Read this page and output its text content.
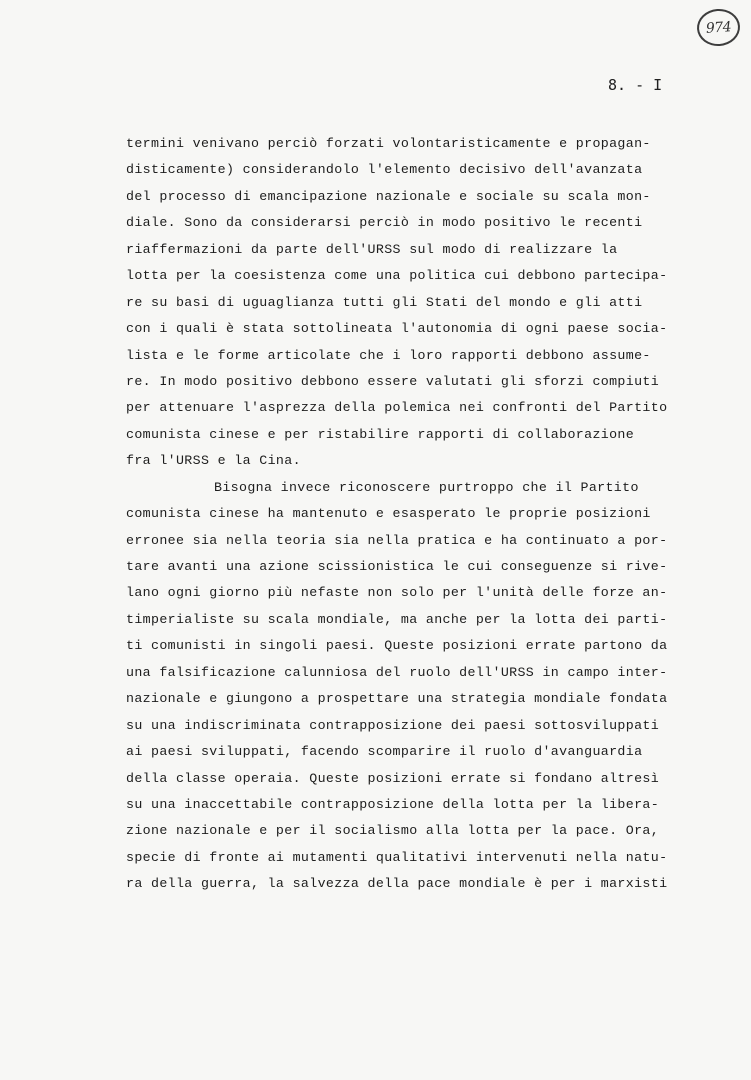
974
8. - I
termini venivano perciò forzati volontaristicamente e propagan-
disticamente) considerandolo l'elemento decisivo dell'avanzata
del processo di emancipazione nazionale e sociale su scala mon-
diale. Sono da considerarsi perciò in modo positivo le recenti
riaffermazioni da parte dell'URSS sul modo di realizzare la
lotta per la coesistenza come una politica cui debbono partecipa-
re su basi di uguaglianza tutti gli Stati del mondo e gli atti
con i quali è stata sottolineata l'autonomia di ogni paese socia-
lista e le forme articolate che i loro rapporti debbono assume-
re. In modo positivo debbono essere valutati gli sforzi compiuti
per attenuare l'asprezza della polemica nei confronti del Partito
comunista cinese e per ristabilire rapporti di collaborazione
fra l'URSS e la Cina.
Bisogna invece riconoscere purtroppo che il Partito
comunista cinese ha mantenuto e esasperato le proprie posizioni
erronee sia nella teoria sia nella pratica e ha continuato a por-
tare avanti una azione scissionistica le cui conseguenze si rive-
lano ogni giorno più nefaste non solo per l'unità delle forze an-
timperialiste su scala mondiale, ma anche per la lotta dei parti-
ti comunisti in singoli paesi. Queste posizioni errate partono da
una falsificazione calunniosa del ruolo dell'URSS in campo inter-
nazionale e giungono a prospettare una strategia mondiale fondata
su una indiscriminata contrapposizione dei paesi sottosviluppati
ai paesi sviluppati, facendo scomparire il ruolo d'avanguardia
della classe operaia. Queste posizioni errate si fondano altresì
su una inaccettabile contrapposizione della lotta per la libera-
zione nazionale e per il socialismo alla lotta per la pace. Ora,
specie di fronte ai mutamenti qualitativi intervenuti nella natu-
ra della guerra, la salvezza della pace mondiale è per i marxisti
